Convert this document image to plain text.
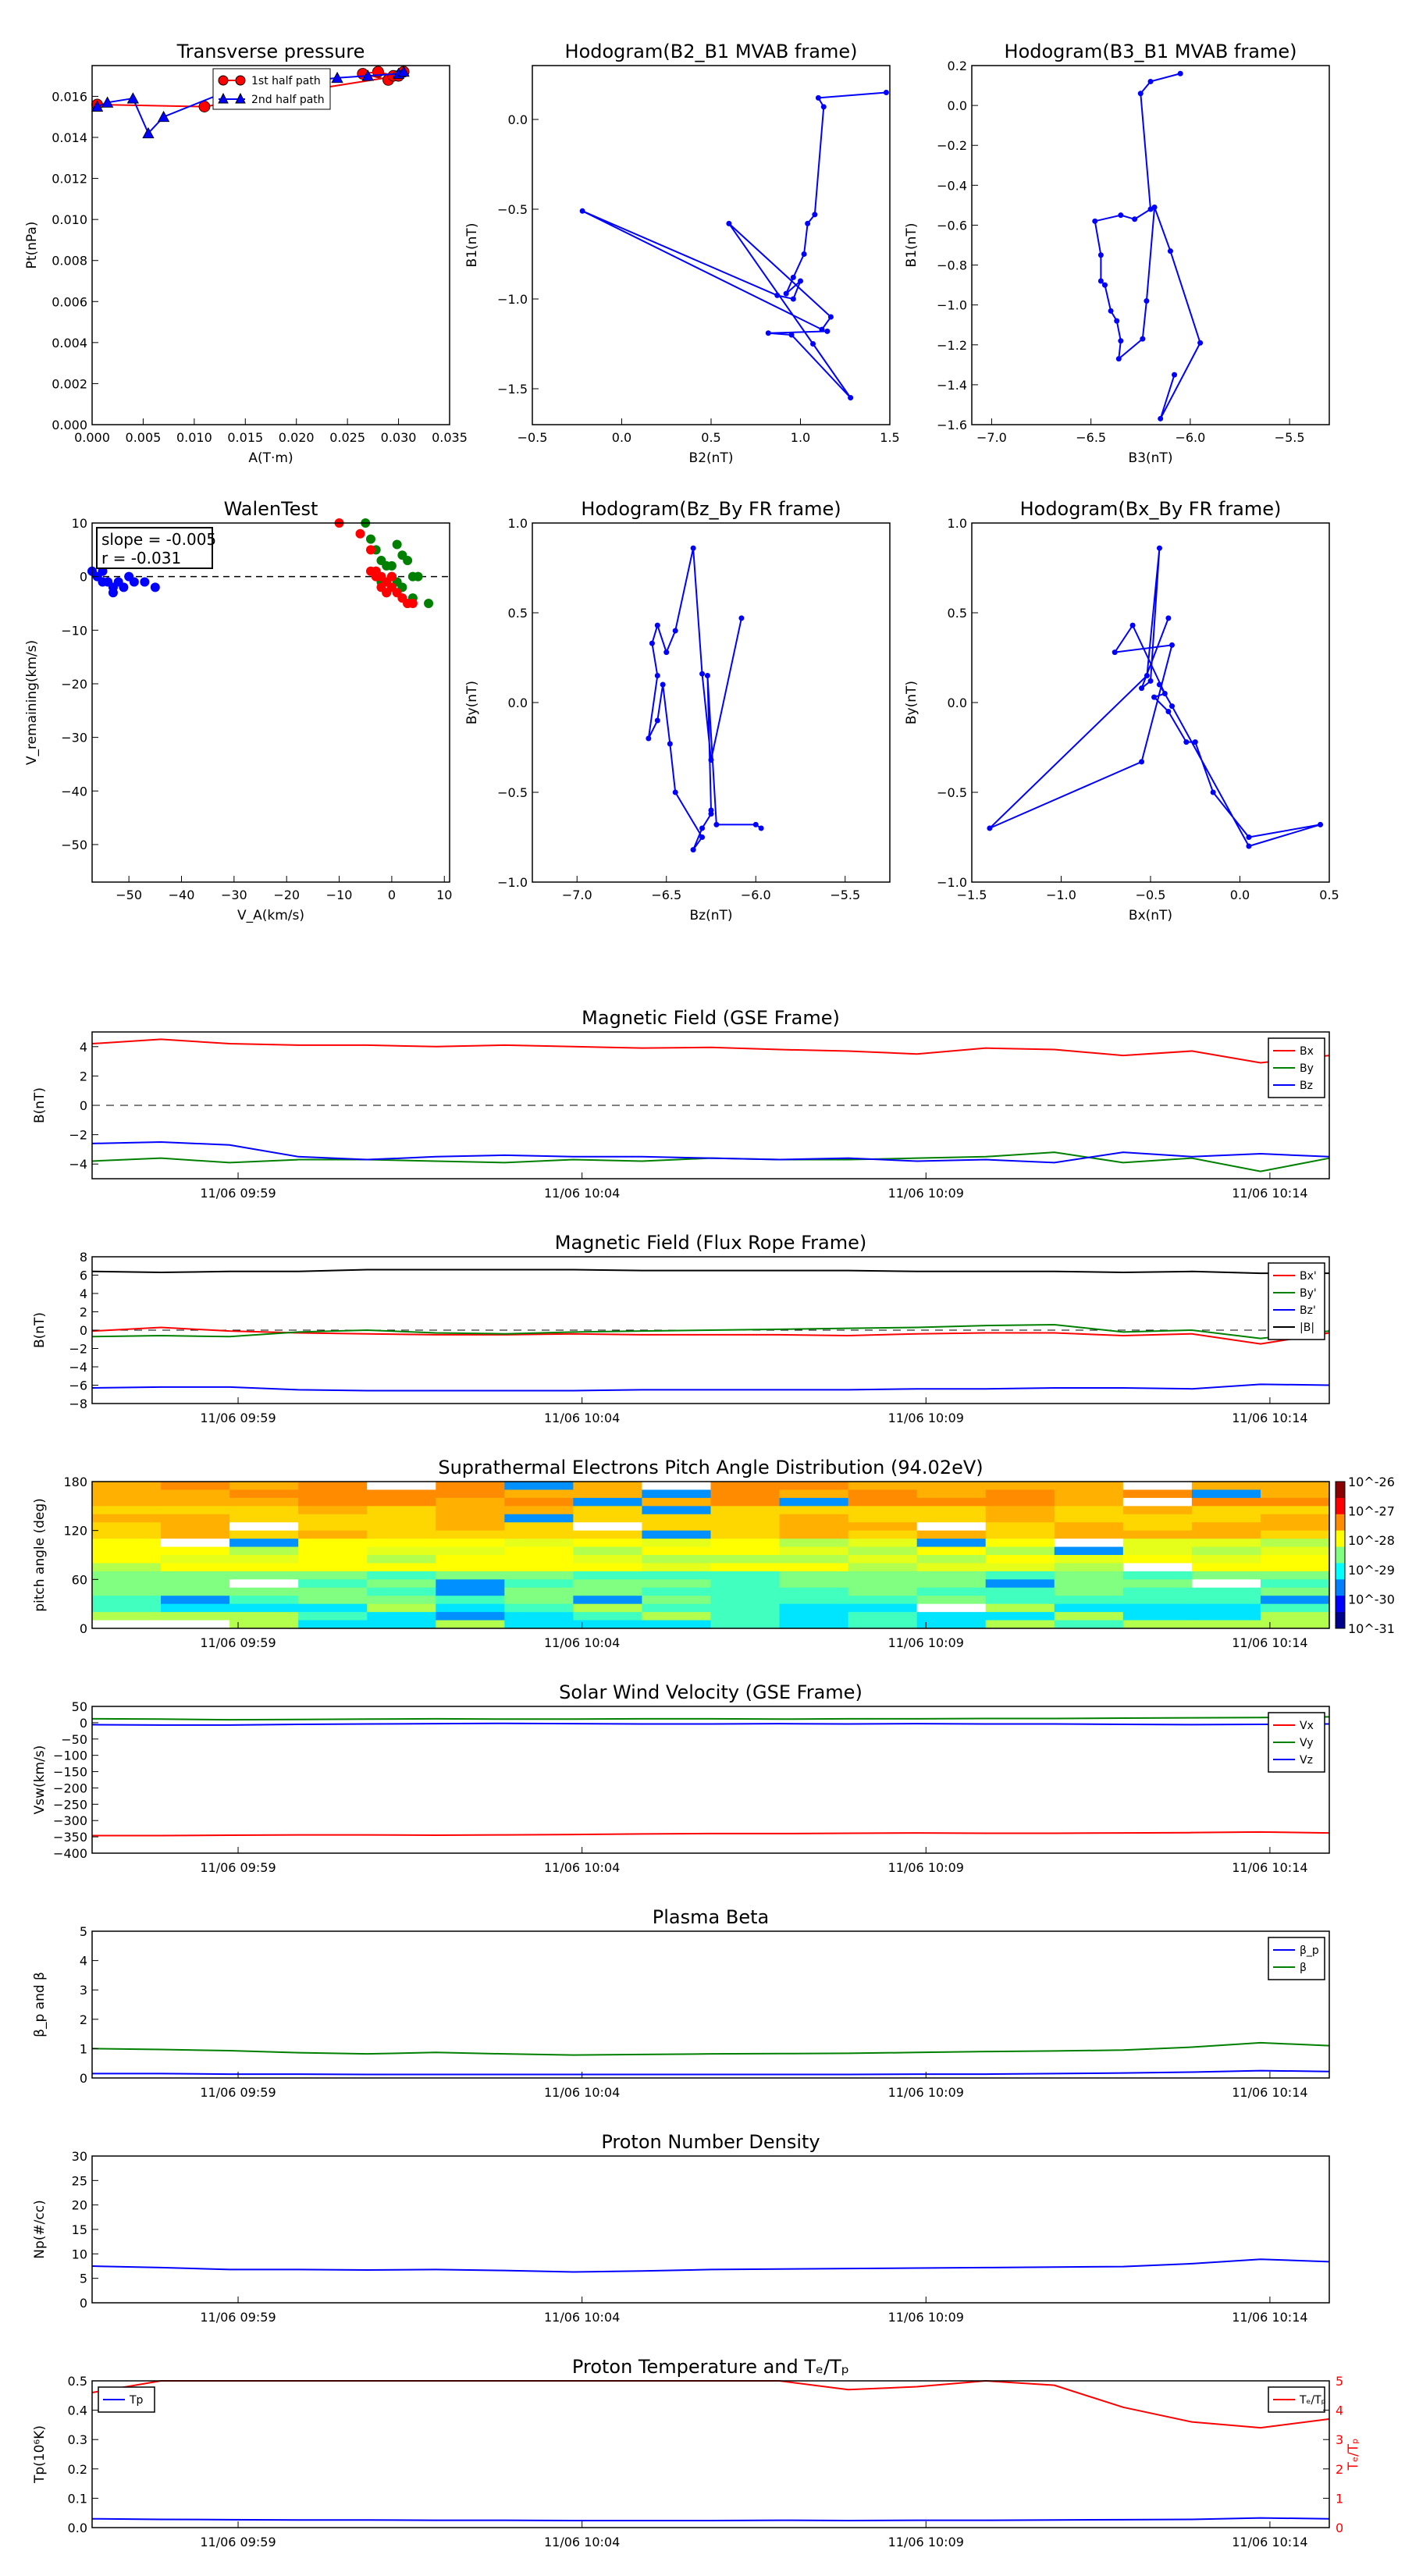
Transverse pressure
0.000 0.005 0.010 0.015 0.020 0.025 0.030 0.035
0.000
0.002
0.004
0.006
0.008
0.010
0.012
0.014
0.016
A(T·m)
Pt(nPa)
1st half path
2nd half path
Hodogram(B2_B1 MVAB frame)
−0.5	0.0	0.5	1.0	1.5
0.0
−0.5
−1.0
−1.5
B2(nT)
B1(nT)
Hodogram(B3_B1 MVAB frame)
−7.0	−6.5	−6.0	−5.5
0.2
0.0
−0.2
−0.4
−0.6
−0.8
−1.0
−1.2
−1.4
−1.6
B3(nT)
B1(nT)
WalenTest
−50 −40 −30 −20 −10	0	10
10
0
−10
−20
−30
−40
−50
V_A(km/s)
V_remaining(km/s)
slope = -0.005
r = -0.031
Hodogram(Bz_By FR frame)
−7.0	−6.5	−6.0	−5.5
1.0
0.5
0.0
−0.5
−1.0
Bz(nT)
By(nT)
Hodogram(Bx_By FR frame)
−1.5	−1.0	−0.5	0.0	0.5
1.0
0.5
0.0
−0.5
−1.0
Bx(nT)
By(nT)
Magnetic Field (GSE Frame)
Bx
By
Bz
4
2
0
−2
−4
11/06 09:59	11/06 10:04	11/06 10:09	11/06 10:14
B(nT)
Magnetic Field (Flux Rope Frame)
Bx'
By'
Bz'
|B|
8
6
4
2
0
−2
−4
−6
−8
11/06 09:59	11/06 10:04	11/06 10:09	11/06 10:14
B(nT)
Suprathermal Electrons Pitch Angle Distribution (94.02eV)
10^-26
10^-27
10^-28
10^-29
10^-30
10^-31
180
120
60
0
11/06 09:59	11/06 10:04	11/06 10:09	11/06 10:14
pitch angle (deg)
Solar Wind Velocity (GSE Frame)
Vx
Vy
Vz
50
0
−50
−100
−150
−200
−250
−300
−350
−400
11/06 09:59	11/06 10:04	11/06 10:09	11/06 10:14
Vsw(km/s)
Plasma Beta
β_p
β
5
4
3
2
1
0
11/06 09:59	11/06 10:04	11/06 10:09	11/06 10:14
β_p and β
Proton Number Density
30
25
20
15
10
5
0
11/06 09:59	11/06 10:04	11/06 10:09	11/06 10:14
Np(#/cc)
Proton Temperature and Tₑ/Tₚ
Tp	Tₑ/Tₚ
5
4
3
2
1
0
Tₑ/Tₚ
0.5
0.4
0.3
0.2
0.1
0.0
11/06 09:59	11/06 10:04	11/06 10:09	11/06 10:14
Tp(10⁶K)
